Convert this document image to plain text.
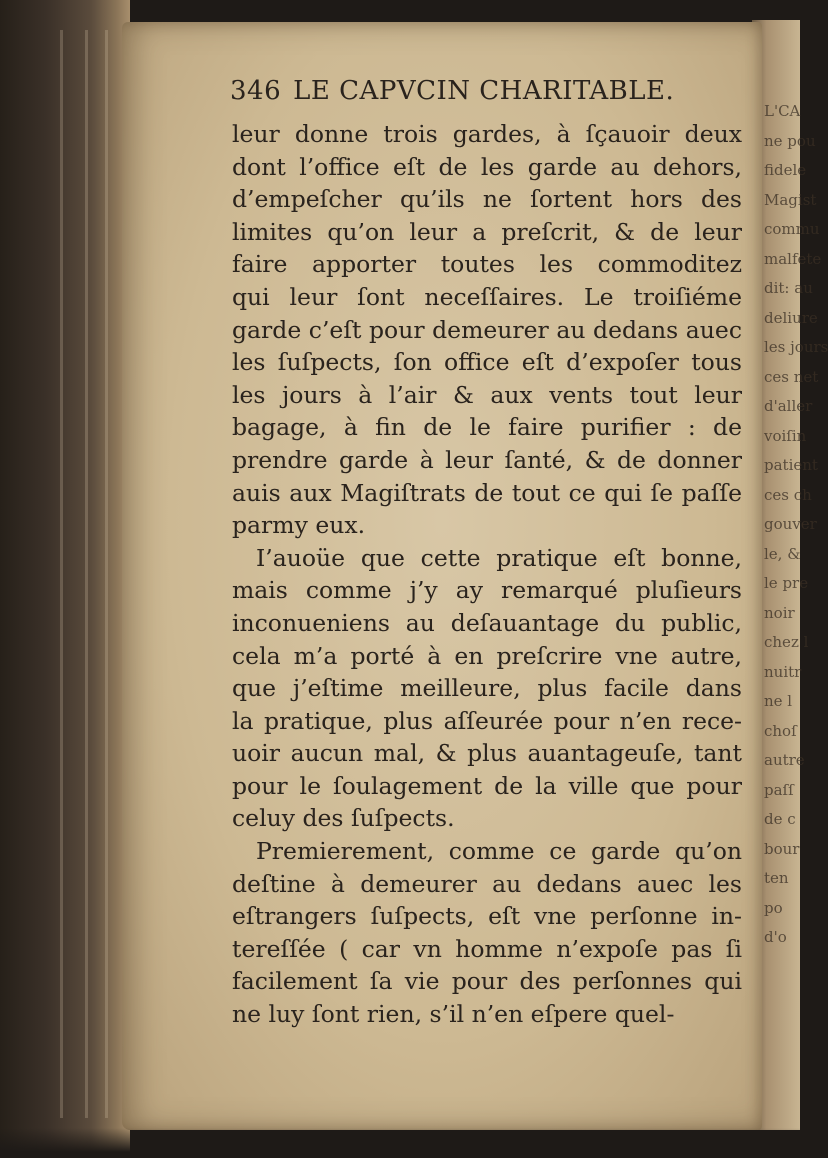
L'CA
ne pou
fidele
Magist
commu
malfete
dit: au
deliure
les jours
ces net
d'aller
voiſin
patient
ces ch
gouver
le, &
le pre
noir
chez l
nuitr
ne l
choſ
autre
paſſ
de c
bour
ten
po
d'o
346 LE CAPVCIN CHARITABLE.
leur donne trois gardes, à ſçauoir deux
dont l’office eſt de les garde au dehors,
d’empeſcher qu’ils ne ſortent hors des
limites qu’on leur a preſcrit, & de leur
faire apporter toutes les commoditez
qui leur ſont neceſſaires. Le troiſiéme
garde c’eſt pour demeurer au dedans auec
les ſuſpects, ſon office eſt d’expoſer tous
les jours à l’air & aux vents tout leur
bagage, à fin de le faire purifier : de
prendre garde à leur ſanté, & de donner
auis aux Magiſtrats de tout ce qui ſe paſſe
parmy eux.
I’auoüe que cette pratique eſt bonne,
mais comme j’y ay remarqué pluſieurs
inconueniens au deſauantage du public,
cela m’a porté à en preſcrire vne autre,
que j’eſtime meilleure, plus facile dans
la pratique, plus aſſeurée pour n’en rece-
uoir aucun mal, & plus auantageuſe, tant
pour le ſoulagement de la ville que pour
celuy des ſuſpects.
Premierement, comme ce garde qu’on
deſtine à demeurer au dedans auec les
eſtrangers ſuſpects, eſt vne perſonne in-
tereſſée ( car vn homme n’expoſe pas ſi
facilement ſa vie pour des perſonnes qui
ne luy ſont rien, s’il n’en eſpere quel-
